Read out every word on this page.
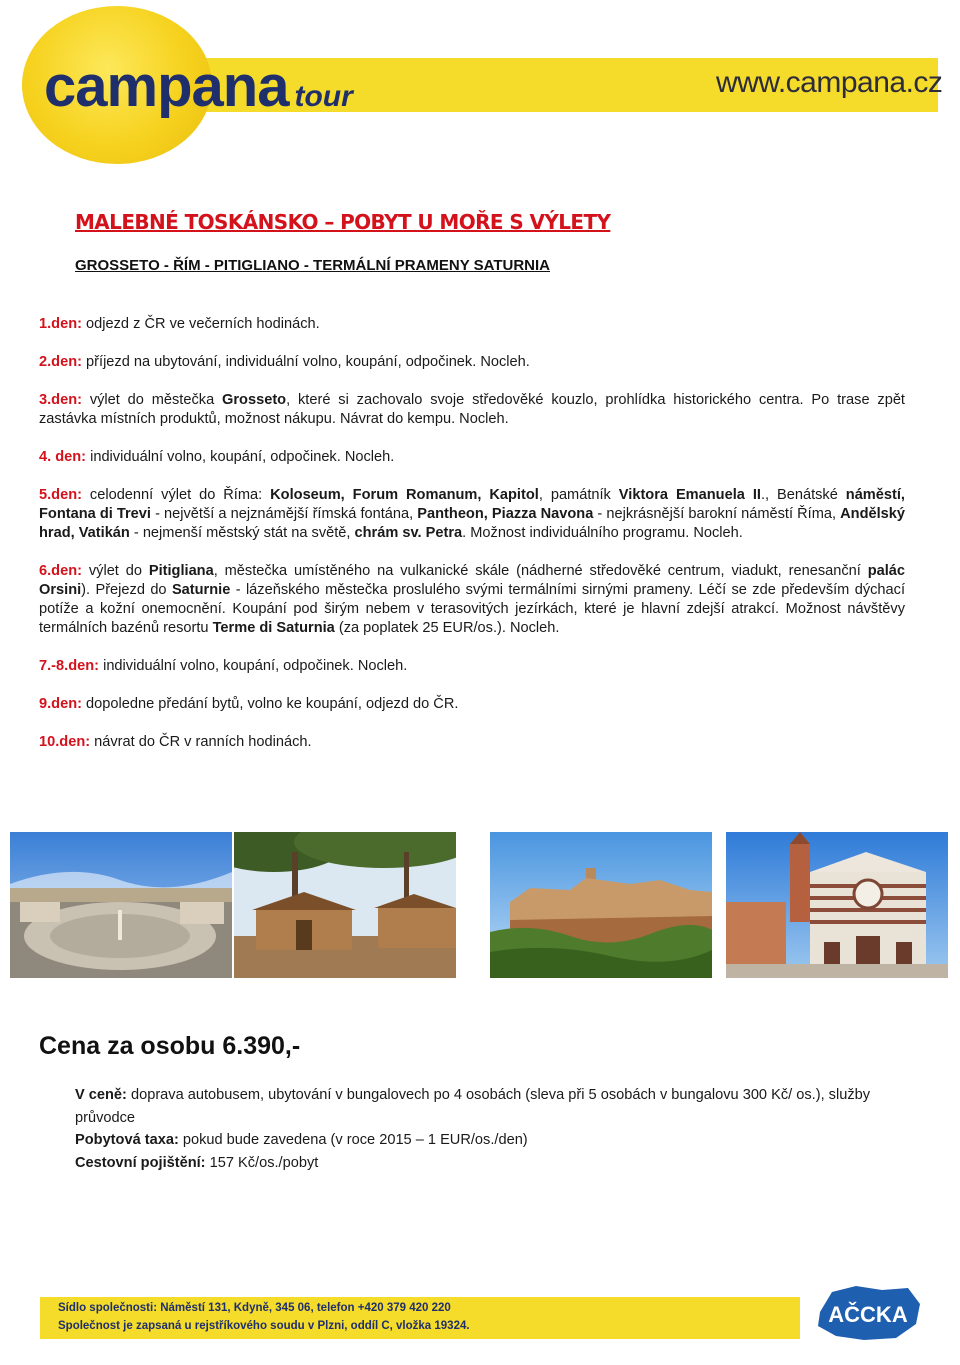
campana tour	www.campana.cz
MALEBNÉ TOSKÁNSKO – POBYT U MOŘE S VÝLETY
GROSSETO - ŘÍM - PITIGLIANO - TERMÁLNÍ PRAMENY SATURNIA

1.den: odjezd z ČR ve večerních hodinách.

2.den: příjezd na ubytování, individuální volno, koupání, odpočinek. Nocleh.

3.den: výlet do městečka Grosseto, které si zachovalo svoje středověké kouzlo, prohlídka historického centra. Po trase zpět zastávka místních produktů, možnost nákupu. Návrat do kempu. Nocleh.

4. den: individuální volno, koupání, odpočinek. Nocleh.

5.den: celodenní výlet do Říma: Koloseum, Forum Romanum, Kapitol, památník Viktora Emanuela II., Benátské náměstí, Fontana di Trevi - největší a nejznámější římská fontána, Pantheon, Piazza Navona - nejkrásnější barokní náměstí Říma, Andělský hrad, Vatikán - nejmenší městský stát na světě, chrám sv. Petra. Možnost individuálního programu. Nocleh.

6.den: výlet do Pitigliana, městečka umístěného na vulkanické skále (nádherné středověké centrum, viadukt, renesanční palác Orsini). Přejezd do Saturnie - lázeňského městečka proslulého svými termálními sirnými prameny. Léčí se zde především dýchací potíže a kožní onemocnění. Koupání pod širým nebem v terasovitých jezírkách, které je hlavní zdejší atrakcí. Možnost návštěvy termálních bazénů resortu Terme di Saturnia (za poplatek 25 EUR/os.). Nocleh.

7.-8.den: individuální volno, koupání, odpočinek. Nocleh.

9.den: dopoledne předání bytů, volno ke koupání, odjezd do ČR.

10.den: návrat do ČR v ranních hodinách.

Cena za osobu 6.390,-
V ceně: doprava autobusem, ubytování v bungalovech po 4 osobách (sleva při 5 osobách v bungalovu 300 Kč/ os.), služby průvodce
Pobytová taxa: pokud bude zavedena (v roce 2015 – 1 EUR/os./den)
Cestovní pojištění: 157 Kč/os./pobyt
Sídlo společnosti: Náměstí 131, Kdyně, 345 06, telefon +420 379 420 220
Společnost je zapsaná u rejstříkového soudu v Plzni, oddíl C, vložka 19324.	AČCKA
